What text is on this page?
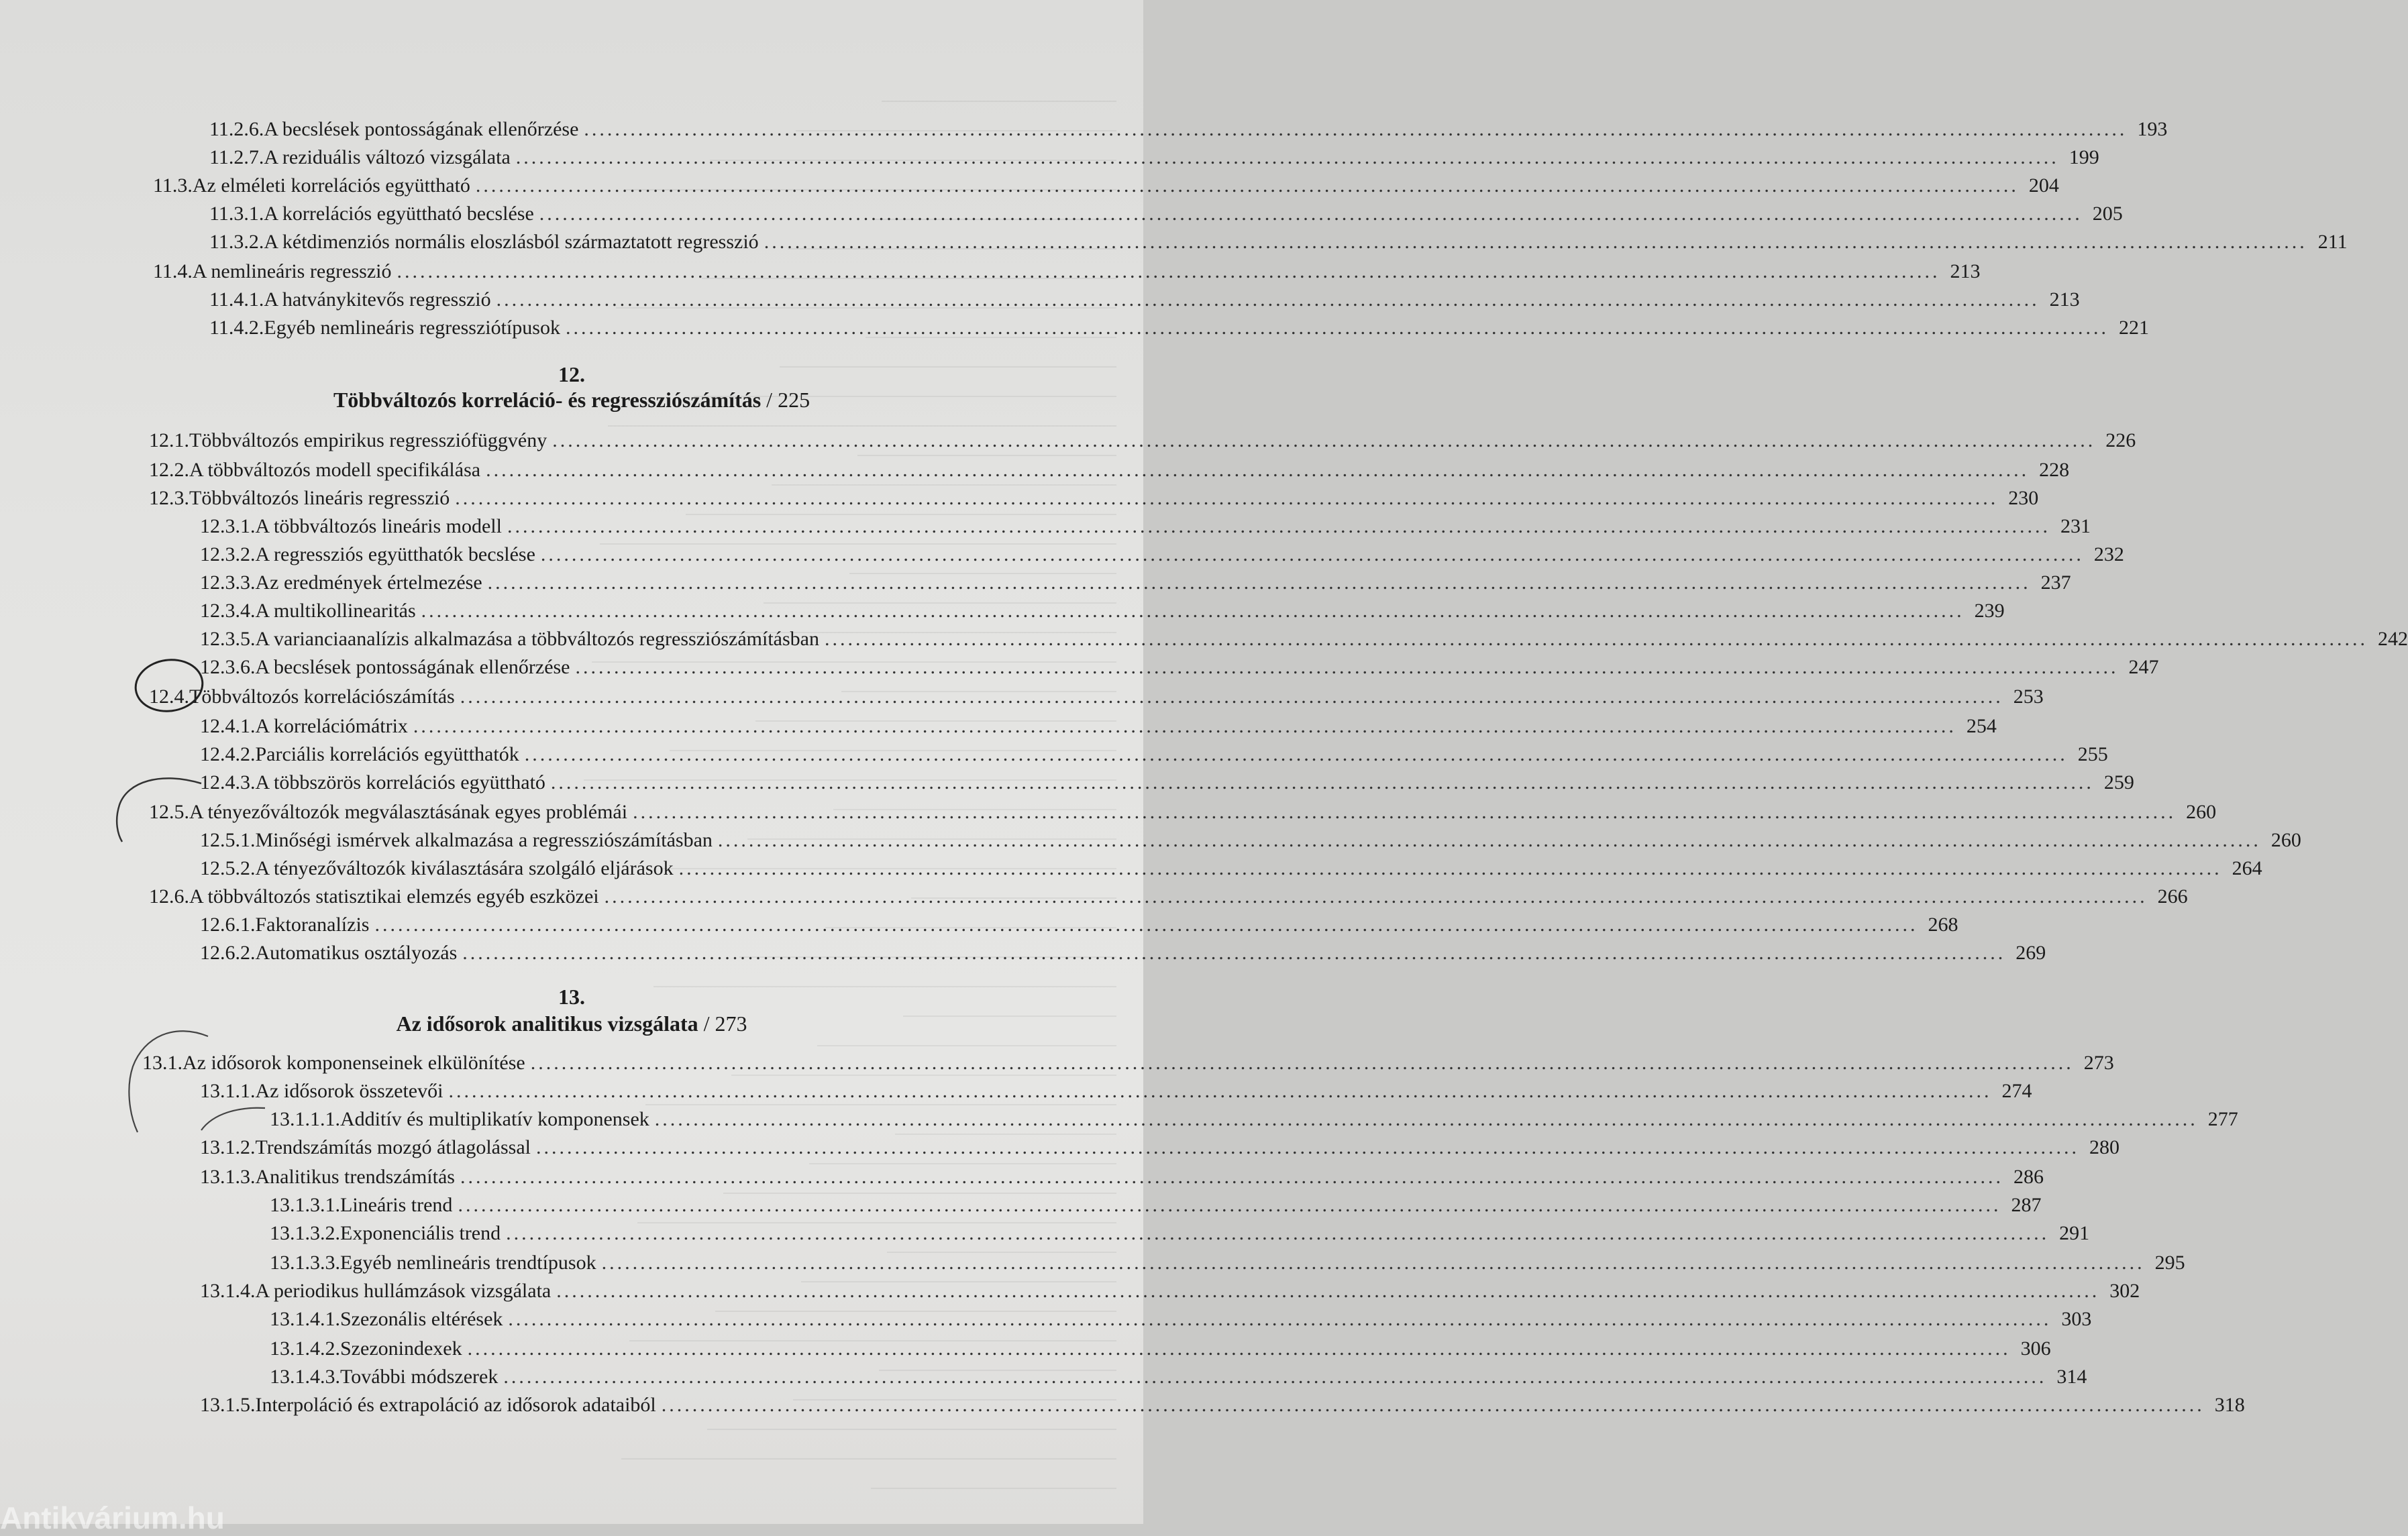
11.2.6. A becslések pontosságának ellenőrzése ........................................................................................................................................................................................................ 193
11.2.7. A reziduális változó vizsgálata ........................................................................................................................................................................................................ 199
11.3. Az elméleti korrelációs együttható ........................................................................................................................................................................................................ 204
11.3.1. A korrelációs együttható becslése ........................................................................................................................................................................................................ 205
11.3.2. A kétdimenziós normális eloszlásból származtatott regresszió ........................................................................................................................................................................................................ 211
11.4. A nemlineáris regresszió ........................................................................................................................................................................................................ 213
11.4.1. A hatványkitevős regresszió ........................................................................................................................................................................................................ 213
11.4.2. Egyéb nemlineáris regressziótípusok ........................................................................................................................................................................................................ 221
12.1. Többváltozós empirikus regressziófüggvény ........................................................................................................................................................................................................ 226
12.2. A többváltozós modell specifikálása ........................................................................................................................................................................................................ 228
12.3. Többváltozós lineáris regresszió ........................................................................................................................................................................................................ 230
12.3.1. A többváltozós lineáris modell ........................................................................................................................................................................................................ 231
12.3.2. A regressziós együtthatók becslése ........................................................................................................................................................................................................ 232
12.3.3. Az eredmények értelmezése ........................................................................................................................................................................................................ 237
12.3.4. A multikollinearitás ........................................................................................................................................................................................................ 239
12.3.5. A varianciaanalízis alkalmazása a többváltozós regressziószámításban ........................................................................................................................................................................................................ 242
12.3.6. A becslések pontosságának ellenőrzése ........................................................................................................................................................................................................ 247
12.4. Többváltozós korrelációszámítás ........................................................................................................................................................................................................ 253
12.4.1. A korrelációmátrix ........................................................................................................................................................................................................ 254
12.4.2. Parciális korrelációs együtthatók ........................................................................................................................................................................................................ 255
12.4.3. A többszörös korrelációs együttható ........................................................................................................................................................................................................ 259
12.5. A tényezőváltozók megválasztásának egyes problémái ........................................................................................................................................................................................................ 260
12.5.1. Minőségi ismérvek alkalmazása a regressziószámításban ........................................................................................................................................................................................................ 260
12.5.2. A tényezőváltozók kiválasztására szolgáló eljárások ........................................................................................................................................................................................................ 264
12.6. A többváltozós statisztikai elemzés egyéb eszközei ........................................................................................................................................................................................................ 266
12.6.1. Faktoranalízis ........................................................................................................................................................................................................ 268
12.6.2. Automatikus osztályozás ........................................................................................................................................................................................................ 269
13.1. Az idősorok komponenseinek elkülönítése ........................................................................................................................................................................................................ 273
13.1.1. Az idősorok összetevői ........................................................................................................................................................................................................ 274
13.1.1.1. Additív és multiplikatív komponensek ........................................................................................................................................................................................................ 277
13.1.2. Trendszámítás mozgó átlagolással ........................................................................................................................................................................................................ 280
13.1.3. Analitikus trendszámítás ........................................................................................................................................................................................................ 286
13.1.3.1. Lineáris trend ........................................................................................................................................................................................................ 287
13.1.3.2. Exponenciális trend ........................................................................................................................................................................................................ 291
13.1.3.3. Egyéb nemlineáris trendtípusok ........................................................................................................................................................................................................ 295
13.1.4. A periodikus hullámzások vizsgálata ........................................................................................................................................................................................................ 302
13.1.4.1. Szezonális eltérések ........................................................................................................................................................................................................ 303
13.1.4.2. Szezonindexek ........................................................................................................................................................................................................ 306
13.1.4.3. További módszerek ........................................................................................................................................................................................................ 314
13.1.5. Interpoláció és extrapoláció az idősorok adataiból ........................................................................................................................................................................................................ 318
12.
Többváltozós korreláció- és regressziószámítás / 225
13.
Az idősorok analitikus vizsgálata / 273
Antikvárium.hu
